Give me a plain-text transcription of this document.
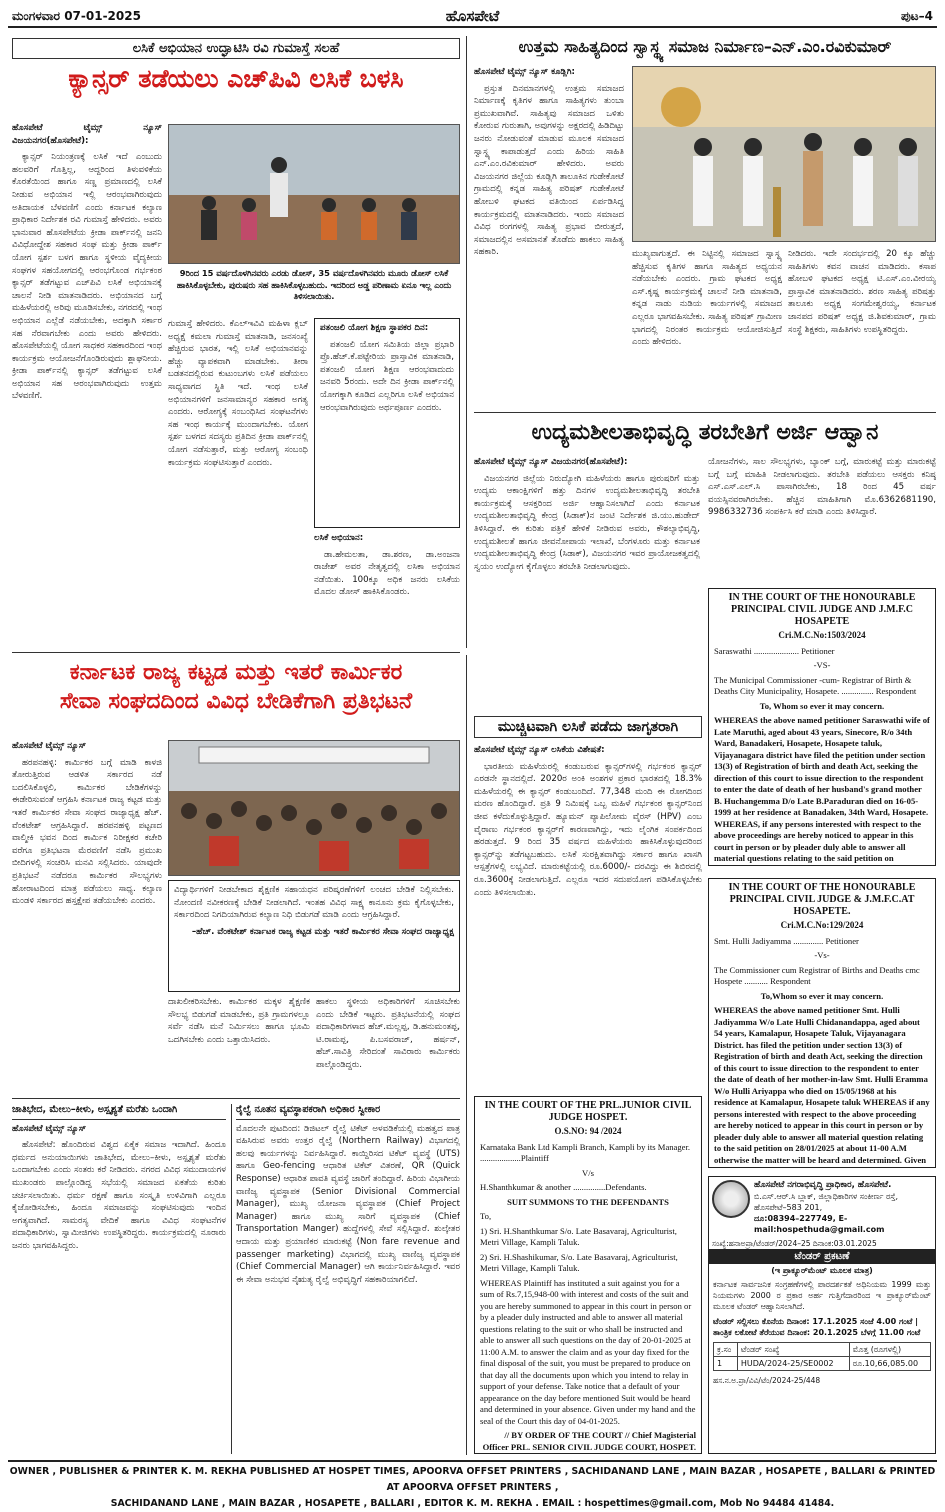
ಮಂಗಳವಾರ 07-01-2025	ಹೊಸಪೇಟೆ	ಪುಟ–4
ಲಸಿಕೆ ಅಭಿಯಾನ ಉದ್ಘಾಟಿಸಿ ರವಿ ಗುಮಾಸ್ತೆ ಸಲಹೆ
ಕ್ಯಾನ್ಸರ್ ತಡೆಯಲು ಎಚ್‌ಪಿವಿ ಲಸಿಕೆ ಬಳಸಿ

ಹೊಸಪೇಟೆ ಟೈಮ್ಸ್ ನ್ಯೂಸ್ ವಿಜಯನಗರ(ಹೊಸಪೇಟೆ):

ಕ್ಯಾನ್ಸರ್ ನಿಯಂತ್ರಣಕ್ಕೆ ಲಸಿಕೆ ಇದೆ ಎಂಬುದು ಹಲವರಿಗೆ ಗೊತ್ತಿಲ್ಲ, ಆದ್ದರಿಂದ ತಿಳುವಳಿಕೆಯ ಕೊರತೆಯಿಂದ ಹಾಗೂ ಸಣ್ಣ ಪ್ರಮಾಣದಲ್ಲಿ ಲಸಿಕೆ ನೀಡುವ ಅಭಿಯಾನ ಇಲ್ಲಿ ಆರಂಭವಾಗಿರುವುದು ಅತಿದಾಯಕ ಬೆಳವಣಿಗೆ ಎಂದು ಕರ್ನಾಟಕ ಕಲ್ಯಾಣ ಪ್ರಾಧಿಕಾರ ನಿರ್ದೇಶಕ ರವಿ ಗುಮಾಸ್ತೆ ಹೇಳಿದರು. ಅವರು ಭಾನುವಾರ ಹೊಸಪೇಟೆಯ ಕ್ರೀಡಾ ಪಾರ್ಕ್‌ನಲ್ಲಿ ಜನನಿ ವಿವಿಧೋದ್ದೇಶ ಸಹಕಾರ ಸಂಘ ಮತ್ತು ಕ್ರೀಡಾ ಪಾರ್ಕ್ ಯೋಗ ಸ್ಪರ್ಶ ಬಳಗ ಹಾಗೂ ಸ್ಥಳೀಯ ವೈದ್ಯಕೀಯ ಸಂಘಗಳ ಸಹಯೋಗದಲ್ಲಿ ಆರಂಭಗೊಂಡ ಗರ್ಭಕಂಠ ಕ್ಯಾನ್ಸರ್ ತಡೆಗಟ್ಟುವ ಎಚ್‌ಪಿವಿ ಲಸಿಕೆ ಅಭಿಯಾನಕ್ಕೆ ಚಾಲನೆ ನೀಡಿ ಮಾತನಾಡಿದರು. ಅಭಿಯಾನದ ಬಗ್ಗೆ ಮಹಿಳೆಯರಲ್ಲಿ ಅರಿವು ಮೂಡಿಸಬೇಕು, ನಗರದಲ್ಲಿ ಇಂಥ ಅಭಿಯಾನ ಎಲ್ಲೆಡೆ ನಡೆಯಬೇಕು, ಅದಕ್ಕಾಗಿ ಸರ್ಕಾರ ಸಹ ನೆರವಾಗಬೇಕು ಎಂದು ಅವರು ಹೇಳಿದರು. ಹೊಸಪೇಟೆಯಲ್ಲಿ ಯೋಗ ಸಾಧಕರ ಸಹಕಾರದಿಂದ ಇಂಥ ಕಾರ್ಯಕ್ರಮ ಆಯೋಜನೆಗೊಂಡಿರುವುದು ಶ್ಲಾಘನೀಯ. ಕ್ರೀಡಾ ಪಾರ್ಕ್‌ನಲ್ಲಿ ಕ್ಯಾನ್ಸರ್ ತಡೆಗಟ್ಟುವ ಲಸಿಕೆ ಅಭಿಯಾನ ಸಹ ಆರಂಭವಾಗಿರುವುದು ಉತ್ತಮ ಬೆಳವಣಿಗೆ.

9ರಿಂದ 15 ವರ್ಷದೊಳಗಿನವರು ಎರಡು ಡೋಸ್, 35 ವರ್ಷದೊಳಗಿನವರು ಮೂರು ಡೋಸ್ ಲಸಿಕೆ ಹಾಕಿಸಿಕೊಳ್ಳಬೇಕು, ಪುರುಷರು ಸಹ ಹಾಕಿಸಿಕೊಳ್ಳಬಹುದು. ಇದರಿಂದ ಅಡ್ಡ ಪರಿಣಾಮ ಏನೂ ಇಲ್ಲ ಎಂದು ತಿಳಿಸಲಾಯಿತು.

ಗುಮಾಸ್ತೆ ಹೇಳಿದರು. ಕೆಎಲ್‌ಇವಿವಿ ಮಹಿಳಾ ಕ್ಲಬ್ ಅಧ್ಯಕ್ಷೆ ಕಮಲಾ ಗುಮಾಸ್ತೆ ಮಾತನಾಡಿ, ಜನಸಂಖ್ಯೆ ಹೆಚ್ಚಿರುವ ಭಾರತ, ಇಲ್ಲಿ ಲಸಿಕೆ ಅಭಿಯಾನವನ್ನು ಹೆಚ್ಚು ವ್ಯಾಪಕವಾಗಿ ಮಾಡಬೇಕು. ತೀರಾ ಬಡತನದಲ್ಲಿರುವ ಕುಟುಂಬಗಳು ಲಸಿಕೆ ಪಡೆಯಲು ಸಾಧ್ಯವಾಗದ ಸ್ಥಿತಿ ಇದೆ. ಇಂಥ ಲಸಿಕೆ ಅಭಿಯಾನಗಳಿಗೆ ಜನಸಾಮಾನ್ಯರ ಸಹಕಾರ ಅಗತ್ಯ ಎಂದರು. ಆರೋಗ್ಯಕ್ಕೆ ಸಂಬಂಧಿಸಿದ ಸಂಘಟನೆಗಳು ಸಹ ಇಂಥ ಕಾರ್ಯಕ್ಕೆ ಮುಂದಾಗಬೇಕು. ಯೋಗ ಸ್ಪರ್ಶ ಬಳಗದ ಸದಸ್ಯರು ಪ್ರತಿದಿನ ಕ್ರೀಡಾ ಪಾರ್ಕ್‌ನಲ್ಲಿ ಯೋಗ ನಡೆಸುತ್ತಾರೆ, ಮತ್ತು ಆರೋಗ್ಯ ಸಂಬಂಧಿ ಕಾರ್ಯಕ್ರಮ ಸಂಘಟಿಸುತ್ತಾರೆ ಎಂದರು.

ಪತಂಜಲಿ ಯೋಗ ಶಿಕ್ಷಣ ಸ್ಥಾಪಕರ ದಿನ:

ಪತಂಜಲಿ ಯೋಗ ಸಮಿತಿಯ ಜಿಲ್ಲಾ ಪ್ರಭಾರಿ ಪ್ರೊ.ಹೆಚ್.ಕೆ.ಪಟ್ಟೇರಿಯ ಪ್ರಾಸ್ತಾವಿಕ ಮಾತನಾಡಿ, ಪತಂಜಲಿ ಯೋಗ ಶಿಕ್ಷಣ ಆರಂಭವಾದುದು ಜನವರಿ 5ರಂದು. ಅದೇ ದಿನ ಕ್ರೀಡಾ ಪಾರ್ಕ್‌ನಲ್ಲಿ ಯೋಗಕ್ಕಾಗಿ ಕೂಡಿದ ಎಲ್ಲರಿಗೂ ಲಸಿಕೆ ಅಭಿಯಾನ ಆರಂಭವಾಗಿರುವುದು ಅರ್ಥಪೂರ್ಣ ಎಂದರು.

ಲಸಿಕೆ ಅಭಿಯಾನ:

ಡಾ.ಹೇಮಲತಾ, ಡಾ.ಶರಣ, ಡಾ.ಅಂಜನಾ ರಾಜೇಶ್ ಅವರ ನೇತೃತ್ವದಲ್ಲಿ ಲಸಿಕಾ ಅಭಿಯಾನ ನಡೆಯಿತು. 100ಕ್ಕೂ ಅಧಿಕ ಜನರು ಲಸಿಕೆಯ ಮೊದಲ ಡೋಸ್ ಹಾಕಿಸಿಕೊಂಡರು.

ಉತ್ತಮ ಸಾಹಿತ್ಯದಿಂದ ಸ್ವಾಸ್ಥ್ಯ ಸಮಾಜ ನಿರ್ಮಾಣ–ಎನ್.ಎಂ.ರವಿಕುಮಾರ್

ಹೊಸಪೇಟೆ ಟೈಮ್ಸ್ ನ್ಯೂಸ್ ಕೂಡ್ಲಿಗಿ:

ಪ್ರಸ್ತುತ ದಿನಮಾನಗಳಲ್ಲಿ ಉತ್ತಮ ಸಮಾಜದ ನಿರ್ಮಾಣಕ್ಕೆ ಕೃತಿಗಳ ಹಾಗೂ ಸಾಹಿತ್ಯಗಳು ತುಂಬಾ ಪ್ರಮುಖವಾಗಿವೆ. ಸಾಹಿತ್ಯವು ಸಮಾಜದ ಒಳಿತು ಕೋರುವ ಗುರುತಾಗಿ, ಅವುಗಳನ್ನು ಅಕ್ಷರದಲ್ಲಿ ಹಿಡಿದಿಟ್ಟು ಜನರು ನೋಡುವಂತೆ ಮಾಡುವ ಮೂಲಕ ಸಮಾಜದ ಸ್ವಾಸ್ಥ್ಯ ಕಾಪಾಡುತ್ತದೆ ಎಂದು ಹಿರಿಯ ಸಾಹಿತಿ ಎನ್.ಎಂ.ರವಿಕುಮಾರ್ ಹೇಳಿದರು. ಅವರು ವಿಜಯನಗರ ಜಿಲ್ಲೆಯ ಕೂಡ್ಲಿಗಿ ತಾಲೂಕಿನ ಗುಡೇಕೋಟೆ ಗ್ರಾಮದಲ್ಲಿ ಕನ್ನಡ ಸಾಹಿತ್ಯ ಪರಿಷತ್ ಗುಡೇಕೋಟೆ ಹೋಬಳಿ ಘಟಕದ ವತಿಯಿಂದ ಏರ್ಪಡಿಸಿದ್ದ ಕಾರ್ಯಕ್ರಮದಲ್ಲಿ ಮಾತನಾಡಿದರು. ಇಂದು ಸಮಾಜದ ವಿವಿಧ ರಂಗಗಳಲ್ಲಿ ಸಾಹಿತ್ಯ ಪ್ರಭಾವ ಬೀರುತ್ತದೆ, ಸಮಾಜದಲ್ಲಿನ ಅಸಮಾನತೆ ತೊಡೆದು ಹಾಕಲು ಸಾಹಿತ್ಯ ಸಹಕಾರಿ.	ಮುಖ್ಯವಾಗುತ್ತದೆ. ಈ ನಿಟ್ಟಿನಲ್ಲಿ ಸಮಾಜದ ಸ್ವಾಸ್ಥ್ಯ ಹೆಚ್ಚಿಸುವ ಕೃತಿಗಳ ಹಾಗೂ ಸಾಹಿತ್ಯದ ಅಧ್ಯಯನ ನಡೆಯಬೇಕು ಎಂದರು. ಗ್ರಾಮ ಘಟಕದ ಅಧ್ಯಕ್ಷ ಎಸ್.ಕೃಷ್ಣ ಕಾರ್ಯಕ್ರಮಕ್ಕೆ ಚಾಲನೆ ನೀಡಿ ಮಾತನಾಡಿ, ಕನ್ನಡ ನಾಡು ನುಡಿಯ ಕಾರ್ಯಗಳಲ್ಲಿ ಸಮಾಜದ ಎಲ್ಲರೂ ಭಾಗವಹಿಸಬೇಕು. ಸಾಹಿತ್ಯ ಪರಿಷತ್ ಗ್ರಾಮೀಣ ಭಾಗದಲ್ಲಿ ನಿರಂತರ ಕಾರ್ಯಕ್ರಮ ಆಯೋಜಿಸುತ್ತಿದೆ ಎಂದು ಹೇಳಿದರು.

ನೀಡಿದರು. ಇದೇ ಸಂದರ್ಭದಲ್ಲಿ 20 ಕ್ಕೂ ಹೆಚ್ಚು ಸಾಹಿತಿಗಳು ಕವನ ವಾಚನ ಮಾಡಿದರು. ಕಸಾಪ ಹೋಬಳಿ ಘಟಕದ ಅಧ್ಯಕ್ಷ ಟಿ.ಎಸ್.ಎಂ.ವೀರಯ್ಯ ಪ್ರಾಸ್ತಾವಿಕ ಮಾತನಾಡಿದರು. ಶರಣ ಸಾಹಿತ್ಯ ಪರಿಷತ್ತು ತಾಲೂಕು ಅಧ್ಯಕ್ಷ ಸಂಗಮೇಶ್ವರಯ್ಯ, ಕರ್ನಾಟಕ ಜಾನಪದ ಪರಿಷತ್ ಅಧ್ಯಕ್ಷ ಜಿ.ಶಿವಕುಮಾರ್, ಗ್ರಾಮ ಸಂಸ್ಥೆ ಶಿಕ್ಷಕರು, ಸಾಹಿತಿಗಳು ಉಪಸ್ಥಿತರಿದ್ದರು.

ಉದ್ಯಮಶೀಲತಾಭಿವೃದ್ಧಿ ತರಬೇತಿಗೆ ಅರ್ಜಿ ಆಹ್ವಾನ

ಹೊಸಪೇಟೆ ಟೈಮ್ಸ್ ನ್ಯೂಸ್ ವಿಜಯನಗರ(ಹೊಸಪೇಟೆ):

ವಿಜಯನಗರ ಜಿಲ್ಲೆಯ ನಿರುದ್ಯೋಗಿ ಮಹಿಳೆಯರು ಹಾಗೂ ಪುರುಷರಿಗೆ ಮತ್ತು ಉದ್ಯಮ ಆಕಾಂಕ್ಷಿಗಳಿಗೆ ಹತ್ತು ದಿನಗಳ ಉದ್ಯಮಶೀಲತಾಭಿವೃದ್ಧಿ ತರಬೇತಿ ಕಾರ್ಯಕ್ರಮಕ್ಕೆ ಆಸಕ್ತರಿಂದ ಅರ್ಜಿ ಆಹ್ವಾನಿಸಲಾಗಿದೆ ಎಂದು ಕರ್ನಾಟಕ ಉದ್ಯಮಶೀಲತಾಭಿವೃದ್ಧಿ ಕೇಂದ್ರ (ಸಿಡಾಕ್)ನ ಜಂಟಿ ನಿರ್ದೇಶಕ ಜಿ.ಯು.ಹುಡೇದ್ ತಿಳಿಸಿದ್ದಾರೆ. ಈ ಕುರಿತು ಪತ್ರಿಕೆ ಹೇಳಿಕೆ ನೀಡಿರುವ ಅವರು, ಕೌಶಲ್ಯಾಭಿವೃದ್ಧಿ, ಉದ್ಯಮಶೀಲತೆ ಹಾಗೂ ಜೀವನೋಪಾಯ ಇಲಾಖೆ, ಬೆಂಗಳೂರು ಮತ್ತು ಕರ್ನಾಟಕ ಉದ್ಯಮಶೀಲತಾಭಿವೃದ್ಧಿ ಕೇಂದ್ರ (ಸಿಡಾಕ್), ವಿಜಯನಗರ ಇವರ ಪ್ರಾಯೋಜಕತ್ವದಲ್ಲಿ ಸ್ವಯಂ ಉದ್ಯೋಗ ಕೈಗೊಳ್ಳಲು ತರಬೇತಿ ನೀಡಲಾಗುವುದು.

ಯೋಜನೆಗಳು, ಸಾಲ ಸೌಲಭ್ಯಗಳು, ಬ್ಯಾಂಕ್ ಬಗ್ಗೆ, ಮಾರುಕಟ್ಟೆ ಮತ್ತು ಮಾರುಕಟ್ಟೆ ಬಗ್ಗೆ ಬಗ್ಗೆ ಮಾಹಿತಿ ನೀಡಲಾಗುವುದು. ತರಬೇತಿ ಪಡೆಯಲು ಆಸಕ್ತರು ಕನಿಷ್ಠ ಎಸ್.ಎಸ್.ಎಲ್.ಸಿ ಪಾಸಾಗಿರಬೇಕು, 18 ರಿಂದ 45 ವರ್ಷ ವಯಸ್ಸಿನವರಾಗಿರಬೇಕು. ಹೆಚ್ಚಿನ ಮಾಹಿತಿಗಾಗಿ ಮೊ.6362681190, 9986332736 ಸಂಪರ್ಕಿಸಿ ಕರೆ ಮಾಡಿ ಎಂದು ತಿಳಿಸಿದ್ದಾರೆ.

IN THE COURT OF THE HONOURABLE PRINCIPAL CIVIL JUDGE AND J.M.F.C HOSAPETE
Cri.M.C.No:1503/2024

Saraswathi ..................... Petitioner

-VS-

The Municipal Commissioner -cum- Registrar of Birth & Deaths City Municipality, Hosapete. ............... Respondent

To, Whom so ever it may concern.

WHEREAS the above named petitioner Saraswathi wife of Late Maruthi, aged about 43 years, Sinecore, R/o 34th Ward, Banadakeri, Hosapete, Hosapete taluk, Vijayanagara district have filed the petition under section 13(3) of Registration of birth and death Act, seeking the direction of this court to issue direction to the respondent to enter the date of death of her husband's grand mother B. Huchangemma D/o Late B.Paraduran died on 16-05-1999 at her residence at Banadaken, 34th Ward, Hosapete. WHEREAS, if any persons interested with respect to the above proceedings are hereby noticed to appear in this court in person or by pleader duly able to answer all material questions relating to the said petition on

ಕರ್ನಾಟಕ ರಾಜ್ಯ ಕಟ್ಟಡ ಮತ್ತು ಇತರೆ ಕಾರ್ಮಿಕರ
ಸೇವಾ ಸಂಘದದಿಂದ ವಿವಿಧ ಬೇಡಿಕೆಗಾಗಿ ಪ್ರತಿಭಟನೆ

ಹೊಸಪೇಟೆ ಟೈಮ್ಸ್ ನ್ಯೂಸ್

ಹರಪನಹಳ್ಳಿ: ಕಾರ್ಮಿಕರ ಬಗ್ಗೆ ಮಾಡಿ ಕಾಳಜಿ ತೋರುತ್ತಿರುವ ಆಡಳಿತ ಸರ್ಕಾರದ ನಡೆ ಬದಲಿಸಿಕೊಳ್ಳಲಿ, ಕಾರ್ಮಿಕರ ಬೇಡಿಕೆಗಳನ್ನು ಈಡೇರಿಸುವಂತೆ ಆಗ್ರಹಿಸಿ ಕರ್ನಾಟಕ ರಾಜ್ಯ ಕಟ್ಟಡ ಮತ್ತು ಇತರೆ ಕಾರ್ಮಿಕರ ಸೇವಾ ಸಂಘದ ರಾಜ್ಯಾಧ್ಯಕ್ಷ ಹೆಚ್. ವೆಂಕಟೇಶ್ ಆಗ್ರಹಿಸಿದ್ದಾರೆ. ಹರಪನಹಳ್ಳಿ ಪಟ್ಟಣದ ವಾಲ್ಮೀಕಿ ಭವನ ದಿಂದ ಕಾರ್ಮಿಕ ನಿರೀಕ್ಷಕರ ಕಚೇರಿ ವರೆಗೂ ಪ್ರತಿಭಟನಾ ಮೆರವಣಿಗೆ ನಡೆಸಿ ಪ್ರಮುಖ ಬೀದಿಗಳಲ್ಲಿ ಸಂಚರಿಸಿ ಮನವಿ ಸಲ್ಲಿಸಿದರು. ಯಾವುದೇ ಪ್ರತಿಭಟನೆ ನಡೆದರೂ ಕಾರ್ಮಿಕರ ಸೌಲಭ್ಯಗಳು ಹೋರಾಟದಿಂದ ಮಾತ್ರ ಪಡೆಯಲು ಸಾಧ್ಯ. ಕಲ್ಯಾಣ ಮಂಡಳಿ ಸರ್ಕಾರದ ಹಸ್ತಕ್ಷೇಪ ತಡೆಯಬೇಕು ಎಂದರು.

ವಿದ್ಯಾರ್ಥಿಗಳಿಗೆ ನೀಡಬೇಕಾದ ಶೈಕ್ಷಣಿಕ ಸಹಾಯಧನ ಪರಿಷ್ಕರಣೆಗಳಿಗೆ ಲಂಚದ ಬೇಡಿಕೆ ನಿಲ್ಲಿಸಬೇಕು. ನೋಂದಣಿ ನವೀಕರಣಕ್ಕೆ ಬೇಡಿಕೆ ನೀಡಲಾಗಿದೆ. ಇಂತಹ ವಿವಿಧ ಸಾಕ್ಷ್ಯ ಕಾನೂನು ಕ್ರಮ ಕೈಗೊಳ್ಳಬೇಕು, ಸರ್ಕಾರದಿಂದ ನಿಗದಿಯಾಗಿರುವ ಕಲ್ಯಾಣ ನಿಧಿ ಬಿಡುಗಡೆ ಮಾಡಿ ಎಂದು ಆಗ್ರಹಿಸಿದ್ದಾರೆ.

–ಹೆಚ್. ವೆಂಕಟೇಶ್ ಕರ್ನಾಟಕ ರಾಜ್ಯ ಕಟ್ಟಡ ಮತ್ತು ಇತರೆ ಕಾರ್ಮಿಕರ ಸೇವಾ ಸಂಘದ ರಾಜ್ಯಾಧ್ಯಕ್ಷ

ದಾಖಲೀಕರಿಸಬೇಕು. ಕಾರ್ಮಿಕರ ಮಕ್ಕಳ ಶೈಕ್ಷಣಿಕ ಸೌಲಭ್ಯ ಬಿಡುಗಡೆ ಮಾಡಬೇಕು, ಪ್ರತಿ ಗ್ರಾಮಗಳಲ್ಲೂ ಸರ್ವೆ ನಡೆಸಿ ಮನೆ ನಿರ್ಮಿಸಲು ಹಾಗೂ ಭೂಮಿ ಒದಗಿಸಬೇಕು ಎಂದು ಒತ್ತಾಯಿಸಿದರು.

ಹಾಕಲು ಸ್ಥಳೀಯ ಅಧಿಕಾರಿಗಳಿಗೆ ಸೂಚಿಸಬೇಕು ಎಂದು ಬೇಡಿಕೆ ಇಟ್ಟರು. ಪ್ರತಿಭಟನೆಯಲ್ಲಿ ಸಂಘದ ಪದಾಧಿಕಾರಿಗಳಾದ ಹೆಚ್.ಮಲ್ಲಪ್ಪ, ಡಿ.ಹನುಮಂತಪ್ಪ, ಟಿ.ರಾಮಪ್ಪ, ಪಿ.ಬಸವರಾಜ್, ಹರ್ಷನ್, ಹೆಚ್.ಸಾವಿತ್ರಿ ಸೇರಿದಂತೆ ಸಾವಿರಾರು ಕಾರ್ಮಿಕರು ಪಾಲ್ಗೊಂಡಿದ್ದರು.

ಮುಚ್ಚಿಟವಾಗಿ ಲಸಿಕೆ ಪಡೆದು ಜಾಗೃತರಾಗಿ

ಹೊಸಪೇಟೆ ಟೈಮ್ಸ್ ನ್ಯೂಸ್ ಲಸಿಕೆಯ ವಿಶೇಷತೆ:

ಭಾರತೀಯ ಮಹಿಳೆಯರಲ್ಲಿ ಕಂಡುಬರುವ ಕ್ಯಾನ್ಸರ್‌ಗಳಲ್ಲಿ ಗರ್ಭಕಂಠ ಕ್ಯಾನ್ಸರ್ ಎರಡನೇ ಸ್ಥಾನದಲ್ಲಿದೆ. 2020ರ ಅಂಕಿ ಅಂಶಗಳ ಪ್ರಕಾರ ಭಾರತದಲ್ಲಿ 18.3% ಮಹಿಳೆಯರಲ್ಲಿ ಈ ಕ್ಯಾನ್ಸರ್ ಕಂಡುಬಂದಿದೆ. 77,348 ಮಂದಿ ಈ ರೋಗದಿಂದ ಮರಣ ಹೊಂದಿದ್ದಾರೆ. ಪ್ರತಿ 9 ನಿಮಿಷಕ್ಕೆ ಒಬ್ಬ ಮಹಿಳೆ ಗರ್ಭಕಂಠ ಕ್ಯಾನ್ಸರ್‌ನಿಂದ ಜೀವ ಕಳೆದುಕೊಳ್ಳುತ್ತಿದ್ದಾರೆ. ಹ್ಯೂಮನ್ ಪ್ಯಾಪಿಲೋಮ ವೈರಸ್ (HPV) ಎಂಬ ವೈರಾಣು ಗರ್ಭಕಂಠ ಕ್ಯಾನ್ಸರ್‌ಗೆ ಕಾರಣವಾಗಿದ್ದು, ಇದು ಲೈಂಗಿಕ ಸಂಪರ್ಕದಿಂದ ಹರಡುತ್ತದೆ. 9 ರಿಂದ 35 ವರ್ಷದ ಮಹಿಳೆಯರು ಹಾಕಿಸಿಕೊಳ್ಳುವುದರಿಂದ ಕ್ಯಾನ್ಸರ್‌ನ್ನು ತಡೆಗಟ್ಟಬಹುದು. ಲಸಿಕೆ ಸುರಕ್ಷಿತವಾಗಿದ್ದು ಸರ್ಕಾರ ಹಾಗೂ ಖಾಸಗಿ ಆಸ್ಪತ್ರೆಗಳಲ್ಲಿ ಲಭ್ಯವಿದೆ. ಮಾರುಕಟ್ಟೆಯಲ್ಲಿ ರೂ.6000/- ದರವಿದ್ದು ಈ ಶಿಬಿರದಲ್ಲಿ ರೂ.3600ಕ್ಕೆ ನೀಡಲಾಗುತ್ತಿದೆ. ಎಲ್ಲರೂ ಇದರ ಸದುಪಯೋಗ ಪಡಿಸಿಕೊಳ್ಳಬೇಕು ಎಂದು ತಿಳಿಸಲಾಯಿತು.	IN THE COURT OF THE HONOURABLE PRINCIPAL CIVIL JUDGE & J.M.F.C.AT HOSAPETE.
Cri.M.C.No:129/2024

Smt. Hulli Jadiyamma .............. Petitioner

-Vs-

The Commissioner cum Registrar of Births and Deaths cmc Hospete ........... Respondent

To,Whom so ever it may concern.

WHEREAS the above named petitioner Smt. Hulli Jadiyamma W/o Late Hulli Chidanandappa, aged about 54 years, Kamalapur, Hosapete Taluk, Vijayanagara District. has filed the petition under section 13(3) of Registration of birth and death Act, seeking the direction of this court to issue direction to the respondent to enter the date of death of her mother-in-law Smt. Hulli Eramma W/o Hulli Ariyappa who died on 15/05/1968 at his residence at Kamalapur, Hosapete taluk WHEREAS if any persons interested with respect to the above proceeding are hereby noticed to appear in this court in person or by pleader duly able to answer all material question relating to the said petition on 28/01/2025 at about 11-00 A.M otherwise the matter will be heard and determined. Given

ಜಾತಿಭೇದ, ಮೇಲು–ಕೀಳು, ಅಸ್ಪೃಶ್ಯತೆ ಮರೆತು ಒಂದಾಗಿ

ಹೊಸಪೇಟೆ ಟೈಮ್ಸ್ ನ್ಯೂಸ್

ಹೊಸಪೇಟೆ: ಹೊಂದಿರುವ ವಿಶ್ವದ ಏಕೈಕ ಸಮಾಜ ಇದಾಗಿದೆ. ಹಿಂದೂ ಧರ್ಮದ ಅನುಯಾಯಿಗಳು ಜಾತಿಭೇದ, ಮೇಲು–ಕೀಳು, ಅಸ್ಪೃಶ್ಯತೆ ಮರೆತು ಒಂದಾಗಬೇಕು ಎಂದು ಸಂತರು ಕರೆ ನೀಡಿದರು. ನಗರದ ವಿವಿಧ ಸಮುದಾಯಗಳ ಮುಖಂಡರು ಪಾಲ್ಗೊಂಡಿದ್ದ ಸಭೆಯಲ್ಲಿ ಸಮಾಜದ ಏಕತೆಯ ಕುರಿತು ಚರ್ಚಿಸಲಾಯಿತು. ಧರ್ಮ ರಕ್ಷಣೆ ಹಾಗೂ ಸಂಸ್ಕೃತಿ ಉಳಿವಿಗಾಗಿ ಎಲ್ಲರೂ ಕೈಜೋಡಿಸಬೇಕು, ಹಿಂದೂ ಸಮಾಜವನ್ನು ಸಂಘಟಿಸುವುದು ಇಂದಿನ ಅಗತ್ಯವಾಗಿದೆ. ಸಾಮರಸ್ಯ ವೇದಿಕೆ ಹಾಗೂ ವಿವಿಧ ಸಂಘಟನೆಗಳ ಪದಾಧಿಕಾರಿಗಳು, ಸ್ವಾಮೀಜಿಗಳು ಉಪಸ್ಥಿತರಿದ್ದರು. ಕಾರ್ಯಕ್ರಮದಲ್ಲಿ ನೂರಾರು ಜನರು ಭಾಗವಹಿಸಿದ್ದರು.

ರೈಲ್ವೆ ನೂತನ ವ್ಯವಸ್ಥಾಪಕರಾಗಿ ಅಧಿಕಾರ ಸ್ವೀಕಾರ

ಮೊದಲನೇ ಪುಟದಿಂದ: ಡಿಜಿಟಲ್ ರೈಲ್ವೆ ಟಿಕೆಟ್ ಅಳವಡಿಕೆಯಲ್ಲಿ ಮಹತ್ವದ ಪಾತ್ರ ವಹಿಸಿರುವ ಅವರು ಉತ್ತರ ರೈಲ್ವೆ (Northern Railway) ವಿಭಾಗದಲ್ಲಿ ಹಲವು ಕಾರ್ಯಗಳನ್ನು ನಿರ್ವಹಿಸಿದ್ದಾರೆ. ಕಾಯ್ದಿರಿಸದ ಟಿಕೆಟ್ ವ್ಯವಸ್ಥೆ (UTS) ಹಾಗೂ Geo-fencing ಆಧಾರಿತ ಟಿಕೆಟ್ ವಿತರಣೆ, QR (Quick Response) ಆಧಾರಿತ ಪಾವತಿ ವ್ಯವಸ್ಥೆ ಜಾರಿಗೆ ತಂದಿದ್ದಾರೆ. ಹಿರಿಯ ವಿಭಾಗೀಯ ವಾಣಿಜ್ಯ ವ್ಯವಸ್ಥಾಪಕ (Senior Divisional Commercial Manager), ಮುಖ್ಯ ಯೋಜನಾ ವ್ಯವಸ್ಥಾಪಕ (Chief Project Manager) ಹಾಗೂ ಮುಖ್ಯ ಸಾರಿಗೆ ವ್ಯವಸ್ಥಾಪಕ (Chief Transportation Manger) ಹುದ್ದೆಗಳಲ್ಲಿ ಸೇವೆ ಸಲ್ಲಿಸಿದ್ದಾರೆ. ಶುಲ್ಕೇತರ ಆದಾಯ ಮತ್ತು ಪ್ರಯಾಣಿಕರ ಮಾರುಕಟ್ಟೆ (Non fare revenue and passenger marketing) ವಿಭಾಗದಲ್ಲಿ ಮುಖ್ಯ ವಾಣಿಜ್ಯ ವ್ಯವಸ್ಥಾಪಕ (Chief Commercial Manager) ಆಗಿ ಕಾರ್ಯನಿರ್ವಹಿಸಿದ್ದಾರೆ. ಇವರ ಈ ಸೇವಾ ಅನುಭವ ನೈಋತ್ಯ ರೈಲ್ವೆ ಅಭಿವೃದ್ಧಿಗೆ ಸಹಕಾರಿಯಾಗಲಿದೆ.

IN THE COURT OF THE PRL.JUNIOR CIVIL JUDGE HOSPET.
O.S.NO: 94 /2024

Karnataka Bank Ltd Kampli Branch, Kampli by its Manager. ...................Plaintiff

V/s

H.Shanthkumar & another ...............Defendants.

SUIT SUMMONS TO THE DEFENDANTS

To,

1) Sri. H.Shanthkumar S/o. Late Basavaraj, Agriculturist, Metri Village, Kampli Taluk.

2) Sri. H.Shashikumar, S/o. Late Basavaraj, Agriculturist, Metri Village, Kampli Taluk.

WHEREAS Plaintiff has instituted a suit against you for a sum of Rs.7,15,948-00 with interest and costs of the suit and you are hereby summoned to appear in this court in person or by a pleader duly instructed and able to answer all material questions relating to the suit or who shall be instructed and able to answer all such questions on the day of 20-01-2025 at 11:00 A.M. to answer the claim and as your day fixed for the final disposal of the suit, you must be prepared to produce on that day all the documents upon which you intend to relay in support of your defense. Take notice that a default of your appearance on the day before mentioned Suit would be heard and determined in your absence. Given under my hand and the seal of the Court this day of 04-01-2025.

// BY ORDER OF THE COURT // Chief Magisterial Officer PRL. SENIOR CIVIL JUDGE COURT, HOSPET.

ಹೊಸಪೇಟೆ ನಗರಾಭಿವೃದ್ಧಿ ಪ್ರಾಧಿಕಾರ, ಹೊಸಪೇಟೆ.
ಬಿ.ಎಸ್.ಆರ್.ಸಿ ಬ್ಲಾಕ್, ಜಿಲ್ಲಾಧಿಕಾರಿಗಳ ಸಂಕೀರ್ಣ ರಸ್ತೆ, ಹೊಸಪೇಟೆ–583 201,
ದೂ:08394–227749, E-mail:hospethuda@gmail.com
ಸಂಖ್ಯೆ:ಹನಾಅಪ್ರಾ/ಟೆಂಡರ್/2024–25 ದಿನಾಂಕ:03.01.2025
ಟೆಂಡರ್ ಪ್ರಕಟಣೆ
(ಇ ಪ್ರಾಕ್ಯೂರ್‌ಮೆಂಟ್ ಮೂಲಕ ಮಾತ್ರ)
ಕರ್ನಾಟಕ ಸಾರ್ವಜನಿಕ ಸಂಗ್ರಹಣೆಗಳಲ್ಲಿ ಪಾರದರ್ಶಕತೆ ಅಧಿನಿಯಮ 1999 ಮತ್ತು ನಿಯಮಗಳು 2000 ರ ಪ್ರಕಾರ ಅರ್ಹ ಗುತ್ತಿಗೆದಾರರಿಂದ ಇ ಪ್ರಾಕ್ಯೂರ್‌ಮೆಂಟ್ ಮೂಲಕ ಟೆಂಡರ್ ಆಹ್ವಾನಿಸಲಾಗಿದೆ.
ಟೆಂಡರ್ ಸಲ್ಲಿಸಲು ಕೊನೆಯ ದಿನಾಂಕ: 17.1.2025 ಸಂಜೆ 4.00 ಗಂಟೆ | ತಾಂತ್ರಿಕ ಲಕೋಟೆ ತೆರೆಯುವ ದಿನಾಂಕ: 20.1.2025 ಬೆಳಗ್ಗೆ 11.00 ಗಂಟೆ
ಕ್ರ.ಸಂ	ಟೆಂಡರ್ ಸಂಖ್ಯೆ	ಮೊತ್ತ (ರೂಗಳಲ್ಲಿ)
1	HUDA/2024-25/SE0002	ರೂ.10,66,085.00
ಹಸ.ನ.ಅ.ಪ್ರಾ/ವಿವಿ/ಟೆಂ/2024-25/448
OWNER , PUBLISHER & PRINTER K. M. REKHA PUBLISHED AT HOSPET TIMES, APOORVA OFFSET PRINTERS , SACHIDANAND LANE , MAIN BAZAR , HOSAPETE , BALLARI & PRINTED AT APOORVA OFFSET PRINTERS ,
SACHIDANAND LANE , MAIN BAZAR , HOSAPETE , BALLARI , EDITOR K. M. REKHA . EMAIL : hospettimes@gmail.com, Mob No 94484 41484.
